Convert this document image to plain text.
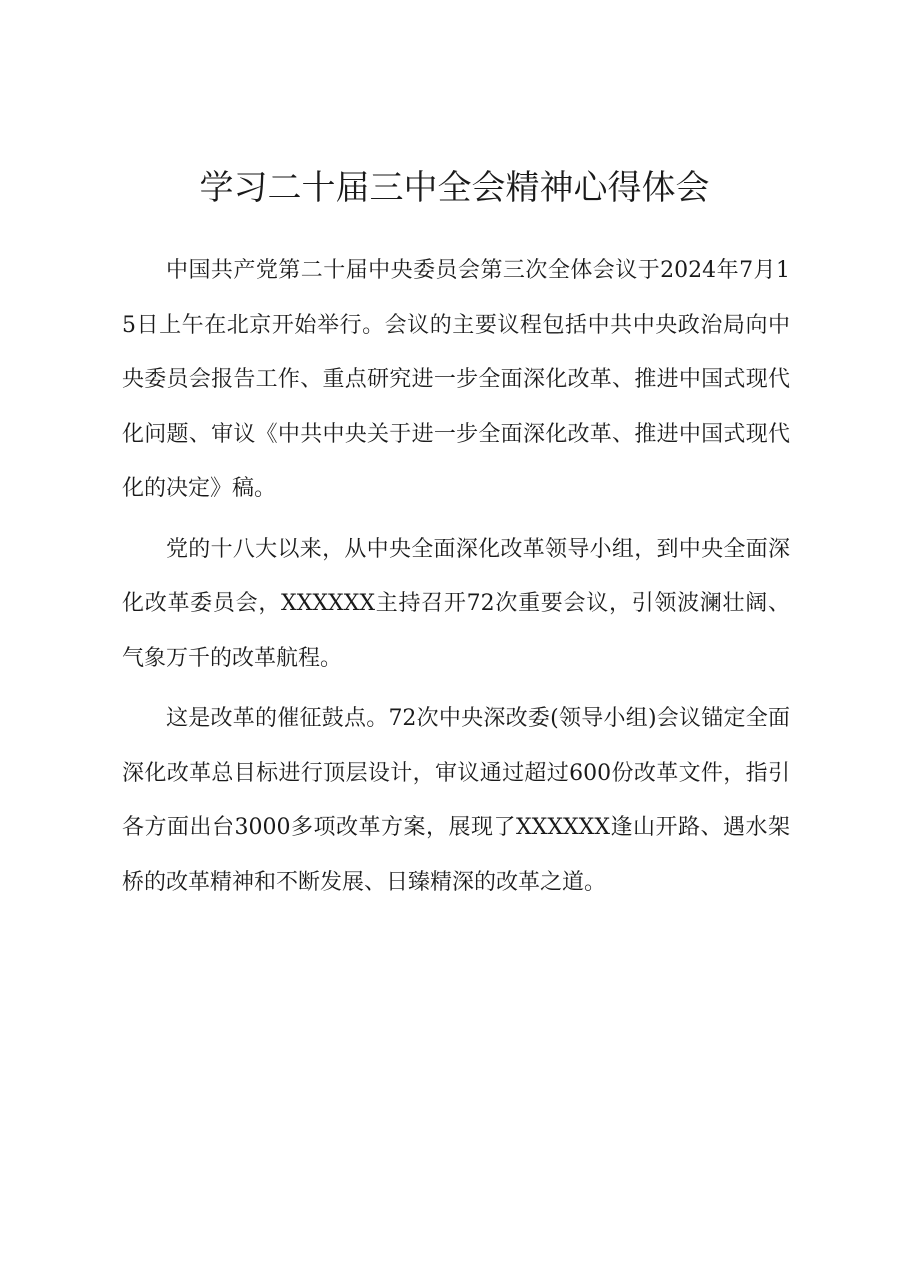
学习二十届三中全会精神心得体会

中国共产党第二十届中央委员会第三次全体会议于2024年7月15日上午在北京开始举行。会议的主要议程包括中共中央政治局向中央委员会报告工作、重点研究进一步全面深化改革、推进中国式现代化问题、审议《中共中央关于进一步全面深化改革、推进中国式现代化的决定》稿。

党的十八大以来，从中央全面深化改革领导小组，到中央全面深化改革委员会，XXXXXX主持召开72次重要会议，引领波澜壮阔、气象万千的改革航程。

这是改革的催征鼓点。72次中央深改委(领导小组)会议锚定全面深化改革总目标进行顶层设计，审议通过超过600份改革文件，指引各方面出台3000多项改革方案，展现了XXXXXX逢山开路、遇水架桥的改革精神和不断发展、日臻精深的改革之道。
